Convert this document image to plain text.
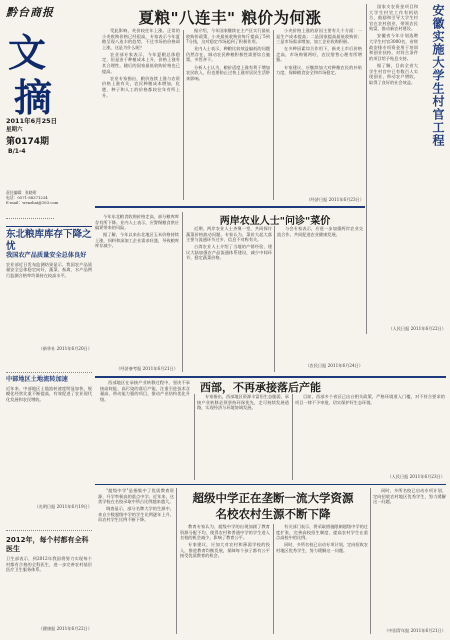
黔台商报
文
摘
2011年6月25日
星期六
第0174期
B/1-4
责任编辑：张晓明
电话：0571-88371234
E-mail：wenzhai@163.com
夏粮"八连丰" 粮价为何涨

受此影响，麦价较往年上涨。正常的小麦收购价格已经很高，专家表示今年夏粮呈现八连丰的趋势，不过市场的价格却上涨，这是为什么呢？

农业部专家表示，今年夏粮总体稳定，但是由于种植成本上升，价格上涨有其合理性。随后的国家最低收购价格也已提高。

农业专家指出，粮价连续上涨与农资价格上涨有关，农民种粮成本增加，化肥、种子和人工的价格都较往年有所上升。

据介绍，今年国家继续在主产区实行最低收购价政策，小麦最低收购价每斤提高了5到7分钱，这对稳定市场起到了积极作用。

业内人士表示，种粮比较效益偏低的问题仍然存在，调动农民种粮积极性需要综合施策，多管齐下。

分析人士认为，粮价适度上涨有利于增加农民收入，但也要防止过快上涨对居民生活带来影响。

小麦价格上涨的原因主要有几个方面：一是生产成本提高；二是国家提高最低收购价；三是市场需求增加，加工企业收购积极。

在多种因素综合作用下，新麦上市后价格走高，市场购销两旺，农民惜售心理有所增强。

专家建议，应继续加大对种粮农民的补贴力度，保障粮食安全和市场稳定。

（经济日报 2011年6月23日）

国家支农资金项目和大学生村官工作有机结合，鼓励和引导大学生村官在农村创业，带领农民致富，推动新农村建设。

安徽省今年计划选聘大学生村官3000名，省财政安排专项资金用于培训和创业扶持，对符合条件的项目给予贴息支持。

据了解，目前全省大学生村官中已有数百人实现创业，带动农户增收，取得了良好的社会效益。	安徽实施大学生村官工程
（人民日报 2011年6月22日）
东北粮库库存下降之忧

今年东北粮食收购价格走高，部分粮库库存有所下降。业内人士表示，应警惕粮食供应偏紧带来的风险。

据了解，今年以来东北地区玉米价格持续上涨，饲料和深加工企业需求旺盛，导致粮库库存减少。

（经济参考报 2011年6月21日）
我国农产品质量安全总体良好
农业部近日发布监测结果显示，我国农产品质量安全总体稳定向好，蔬菜、畜禽、水产品例行监测合格率均保持在较高水平。
（新华社 2011年6月20日）
中部地区土地流转加速
近年来，中部地区土地流转速度明显加快，规模化经营比重不断提高，有效促进了农业现代化发展和农民增收。
（光明日报 2011年6月19日）
2012年，每个村都有全科医生
卫生部表示，到2012年我国将努力实现每个村都有合格的全科医生，进一步完善农村基层医疗卫生服务体系。
（健康报 2011年6月22日）
两岸农业人士"问诊"菜价

近期，两岸农业人士齐聚一堂，共同探讨蔬菜价格波动问题。专家认为，菜价大起大落主要与流通环节过多、信息不对称有关。

台湾农业人士介绍了当地的产销经验，建议大陆加强农产品流通体系建设，减少中间环节，稳定蔬菜价格。

与会专家表示，应进一步加强两岸农业交流合作，共同促进农业健康发展。

（农民日报 2011年6月24日）
西部，不再承接落后产能

西部地区在承接产业转移过程中，坚决不承接高耗能、高污染的落后产能，注重引进技术含量高、带动能力强的项目，推动产业结构优化升级。

专家指出，西部地区资源丰富但生态脆弱，承接产业转移必须坚持环保优先，走可持续发展道路，实现经济与环境协调发展。

目前，西部多个省区已出台相关政策，严格环境准入门槛，对不符合要求的项目一律不予审批，切实保护好生态环境。

（人民日报 2011年6月23日）

"超级中学"是指集中了优质教育资源、升学率极高的重点中学。近年来，这类学校在名校录取中所占比例越来越大。

调查显示，部分名牌大学的生源中，来自少数超级中学的学生比例逐年上升，而农村学生比例不断下降。

超级中学正在垄断一流大学资源
名校农村生源不断下降

教育专家认为，超级中学的出现加剧了教育资源分配不均，使得农村和普通中学的学生进入名校的机会减少，影响了教育公平。

专家建议，应加大对农村和薄弱学校的投入，推进教育均衡发展，保障每个孩子都有公平接受优质教育的机会。

有关部门表示，将采取措施限制超级中学的过度扩张，完善高校招生制度，提高农村学生在重点高校中的比例。

同时，多所名校已启动专项计划，定向招收农村地区优秀学生，努力缓解这一问题。

同时，多所名校已启动专项计划，定向招收农村地区优秀学生，努力缓解这一问题。

（中国青年报 2011年6月21日）
